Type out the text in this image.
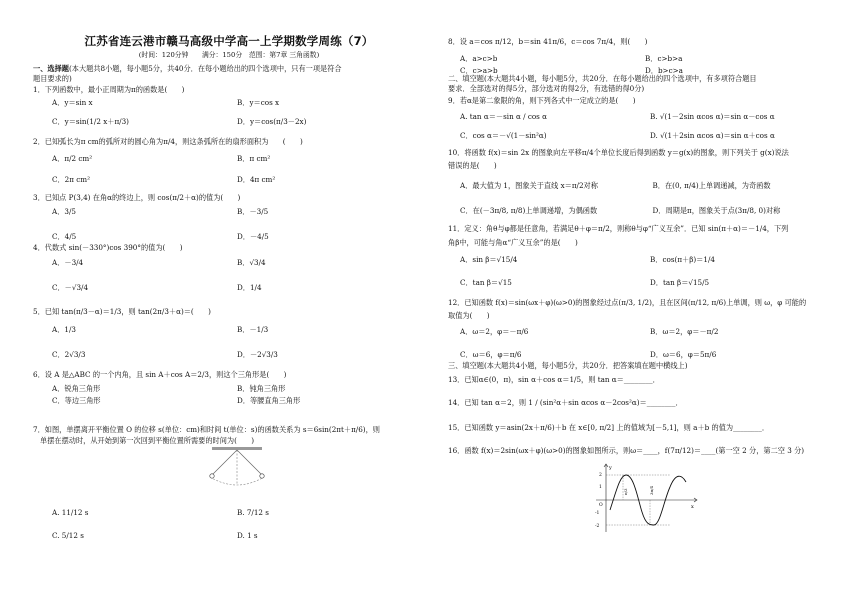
江苏省连云港市赣马高级中学高一上学期数学周练（7）
(时间：120分钟　　满分：150分　范围：第7章 三角函数)
一、选择题(本大题共8小题，每小题5分，共40分．在每小题给出的四个选项中，只有一项是符合
题目要求的)
1．下列函数中，最小正周期为π的函数是(　　)
A．y＝sin x	B．y＝cos x
C．y＝sin(1/2 x＋π/3)	D．y＝cos(π/3－2x)
2．已知弧长为π cm的弧所对的圆心角为π/4，则这条弧所在的扇形面积为　　(　　)
A．π/2 cm²	B．π cm²
C．2π cm²	D．4π cm²
3．已知点 P(3,4) 在角α的终边上，则 cos(π/2＋α)的值为(　　)
A．3/5	B．－3/5
C．4/5	D．－4/5
4．代数式 sin(－330°)cos 390°的值为(　　)
A．－3/4	B．√3/4
C．－√3/4	D．1/4
5．已知 tan(π/3－α)＝1/3，则 tan(2π/3＋α)＝(　　)
A．1/3	B．－1/3
C．2√3/3	D．－2√3/3
6．设 A 是△ABC 的一个内角，且 sin A＋cos A＝2/3，则这个三角形是(　　)
A．锐角三角形	B．钝角三角形
C．等边三角形	D．等腰直角三角形
7．如图，单摆离开平衡位置 O 的位移 s(单位：cm)和时间 t(单位：s)的函数关系为 s＝6sin(2πt＋π/6)，则
单摆在摆动时，从开始到第一次回到平衡位置所需要的时间为(　　)
A. 11/12 s	B. 7/12 s
C. 5/12 s	D. 1 s
8．设 a＝cos π/12，b＝sin 41π/6，c＝cos 7π/4，则(　　)
A．a>c>b	B．c>b>a
C．c>a>b	D．b>c>a
二、填空题(本大题共4小题，每小题5分，共20分．在每小题给出的四个选项中，有多项符合题目
要求．全部选对的得5分，部分选对的得2分，有选错的得0分)
9．若α是第二象限的角，则下列各式中一定成立的是(　　)
A. tan α＝－sin α / cos α	B. √(1－2sin αcos α)＝sin α－cos α
C．cos α＝－√(1－sin²α)	D. √(1＋2sin αcos α)＝sin α＋cos α
10．将函数 f(x)＝sin 2x 的图象向左平移π/4个单位长度后得到函数 y＝g(x)的图象，则下列关于 g(x)说法
错误的是(　　)
A．最大值为 1，图象关于直线 x＝π/2对称	B．在(0, π/4)上单调递减，为奇函数
C．在(－3π/8, π/8)上单调递增，为偶函数	D．周期是π，图象关于点(3π/8, 0)对称
11．定义：角θ与φ都是任意角，若满足θ＋φ＝π/2，则称θ与φ“广义互余”．已知 sin(π＋α)＝－1/4，下列
角β中，可能与角α“广义互余”的是(　　)
A．sin β＝√15/4	B．cos(π＋β)＝1/4
C．tan β＝√15	D．tan β＝√15/5
12．已知函数 f(x)＝sin(ωx＋φ)(ω>0)的图象经过点(π/3, 1/2)，且在区间(π/12, π/6)上单调，则 ω，φ 可能的
取值为(　　)
A．ω＝2，φ＝－π/6	B．ω＝2，φ＝－π/2
C．ω＝6，φ＝π/6	D．ω＝6，φ＝5π/6
三、填空题(本大题共4小题，每小题5分，共20分．把答案填在题中横线上)
13．已知α∈(0，π)，sin α＋cos α＝1/5，则 tan α＝________．
14．已知 tan α＝2，则 1 / (sin²α＋sin αcos α－2cos²α)＝________．
15．已知函数 y＝asin(2x＋π/6)＋b 在 x∈[0, π/2] 上的值域为[－5,1]，则 a＋b 的值为________．
16．函数 f(x)＝2sin(ωx＋φ)(ω>0)的图象如图所示，则ω＝____，f(7π/12)＝____(第一空 2 分，第二空 3 分)
x
y
2
1
O
-1
-2
π/3	3π/4
